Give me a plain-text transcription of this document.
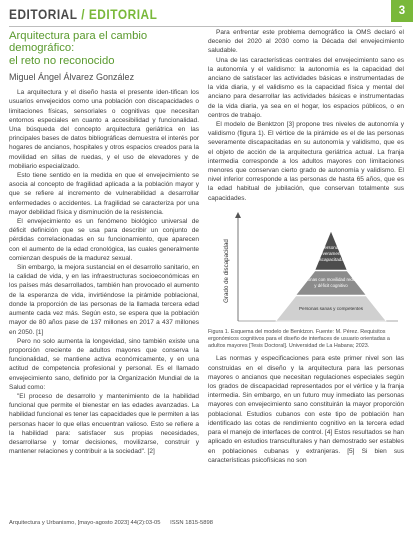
EDITORIAL / EDITORIAL	3
Arquitectura para el cambio
demográfico:
el reto no reconocido
Miguel Ángel Álvarez González

La arquitectura y el diseño hasta el presente iden-tifican los usuarios envejecidos como una población con discapacidades o limitaciones físicas, sensoriales o cognitivas que necesitan entornos especiales en cuanto a accesibilidad y funcionalidad. Una búsqueda del concepto arquitectura geriátrica en las principales bases de datos bibliográficas demuestra el interés por hogares de ancianos, hospitales y otros espacios creados para la movilidad en sillas de ruedas, y el uso de elevadores y de mobiliario especializado.

Esto tiene sentido en la medida en que el envejecimiento se asocia al concepto de fragilidad aplicada a la población mayor y que se refiere al incremento de vulnerabilidad a desarrollar enfermedades o accidentes. La fragilidad se caracteriza por una mayor debilidad física y disminución de la resistencia.

El envejecimiento es un fenómeno biológico universal de déficit definición que se usa para describir un conjunto de pérdidas correlacionadas en su funcionamiento, que aparecen con el aumento de la edad cronológica, las cuales generalmente comienzan después de la madurez sexual.

Sin embargo, la mejora sustancial en el desarrollo sanitario, en la calidad de vida, y en las infraestructuras socioeconómicas en los países más desarrollados, también han provocado el aumento de la esperanza de vida, invirtiéndose la pirámide poblacional, donde la proporción de las personas de la llamada tercera edad aumente cada vez más. Según esto, se espera que la población mayor de 80 años pase de 137 millones en 2017 a 437 millones en 2050. [1]

Pero no solo aumenta la longevidad, sino también existe una proporción creciente de adultos mayores que conserva la funcionalidad, se mantiene activa económicamente, y en una actitud de competencia profesional y personal. Es el llamado envejecimiento sano, definido por la Organización Mundial de la Salud como:

"El proceso de desarrollo y mantenimiento de la habilidad funcional que permite el bienestar en las edades avanzadas. La habilidad funcional es tener las capacidades que le permiten a las personas hacer lo que ellas encuentran valioso. Esto se refiere a la habilidad para: satisfacer sus propias necesidades, desarrollarse y tomar decisiones, movilizarse, construir y mantener relaciones y contribuir a la sociedad". [2]

Para enfrentar este problema demográfico la OMS declaró el decenio del 2020 al 2030 como la Década del envejecimiento saludable.

Una de las características centrales del envejecimiento sano es la autonomía y el validismo: la autonomía es la capacidad del anciano de satisfacer las actividades básicas e instrumentadas de la vida diaria, y el validismo es la capacidad física y mental del anciano para desarrollar las actividades básicas e instrumentadas de la vida diaria, ya sea en el hogar, los espacios públicos, o en centros de trabajo.

El modelo de Benktzon [3] propone tres niveles de autonomía y validismo (figura 1). El vértice de la pirámide es el de las personas severamente discapacitadas en su autonomía y validismo, que es el objeto de acción de la arquitectura geriátrica actual. La franja intermedia corresponde a los adultos mayores con limitaciones menores que conservan cierto grado de autonomía y validismo. El nivel inferior corresponde a las personas de hasta 65 años, que es la edad habitual de jubilación, que conservan totalmente sus capacidades.

Grado de discapacidad	Personas
severamente
discapacitadas
Personas con movilidad reducida
y déficit cognitivo
Personas sanas y competentes
Figura 1. Esquema del modelo de Benktzon. Fuente: M. Pérez. Requisitos ergonómicos cognitivos para el diseño de interfaces de usuario orientadas a adultos mayores [Tesis Doctoral]. Universidad de La Habana; 2023.

Las normas y especificaciones para este primer nivel son las construidas en el diseño y la arquitectura para las personas mayores o ancianos que necesitan regulaciones especiales según los grados de discapacidad representados por el vértice y la franja intermedia. Sin embargo, en un futuro muy inmediato las personas mayores con envejecimiento sano constituirán la mayor proporción poblacional. Estudios cubanos con este tipo de población han identificado las cotas de rendimiento cognitivo en la tercera edad para el manejo de interfaces de control. [4] Estos resultados se han aplicado en estudios transculturales y han demostrado ser estables en poblaciones cubanas y extranjeras. [5] Si bien sus características psicofísicas no son

Arquitectura y Urbanismo, [mayo-agosto 2023] 44(2):03-05 ISSN 1815-5898
